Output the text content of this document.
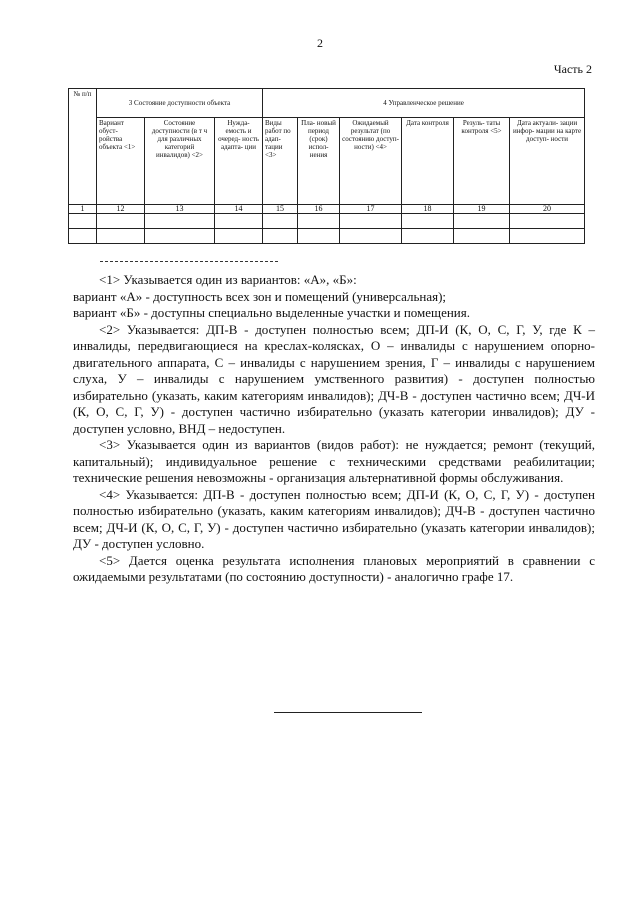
2
Часть 2
№ п/п	3 Состояние доступности объекта			4 Управленческое решение					
	Вариант обуст- ройства объекта <1>	Состояние доступности (в т ч для различных категорий инвалидов) <2>	Нужда- емость и очеред- ность адапта- ции	Виды работ по адап- тации <3>	Пла- новый период (срок) испол- нения	Ожидаемый результат (по состоянию доступ- ности) <4>	Дата контроля	Резуль- таты контроля <5>	Дата актуали- зации инфор- мации на карте доступ- ности
1	12	13	14	15	16	17	18	19	20

<1> Указывается один из вариантов: «А», «Б»:

вариант «А» - доступность всех зон и помещений (универсальная);

вариант «Б» - доступны специально выделенные участки и помещения.

<2> Указывается: ДП-В - доступен полностью всем; ДП-И (К, О, С, Г, У, где К – инвалиды, передвигающиеся на креслах-колясках, О – инвалиды с нарушением опорно-двигательного аппарата, С – инвалиды с нарушением зрения, Г – инвалиды с нарушением слуха, У – инвалиды с нарушением умственного развития) - доступен полностью избирательно (указать, каким категориям инвалидов); ДЧ-В - доступен частично всем; ДЧ-И (К, О, С, Г, У) - доступен частично избирательно (указать категории инвалидов); ДУ - доступен условно, ВНД – недоступен.

<3> Указывается один из вариантов (видов работ): не нуждается; ремонт (текущий, капитальный); индивидуальное решение с техническими средствами реабилитации; технические решения невозможны - организация альтернативной формы обслуживания.

<4> Указывается: ДП-В - доступен полностью всем; ДП-И (К, О, С, Г, У) - доступен полностью избирательно (указать, каким категориям инвалидов); ДЧ-В - доступен частично всем; ДЧ-И (К, О, С, Г, У) - доступен частично избирательно (указать категории инвалидов); ДУ - доступен условно.

<5> Дается оценка результата исполнения плановых мероприятий в сравнении с ожидаемыми результатами (по состоянию доступности) - аналогично графе 17.
